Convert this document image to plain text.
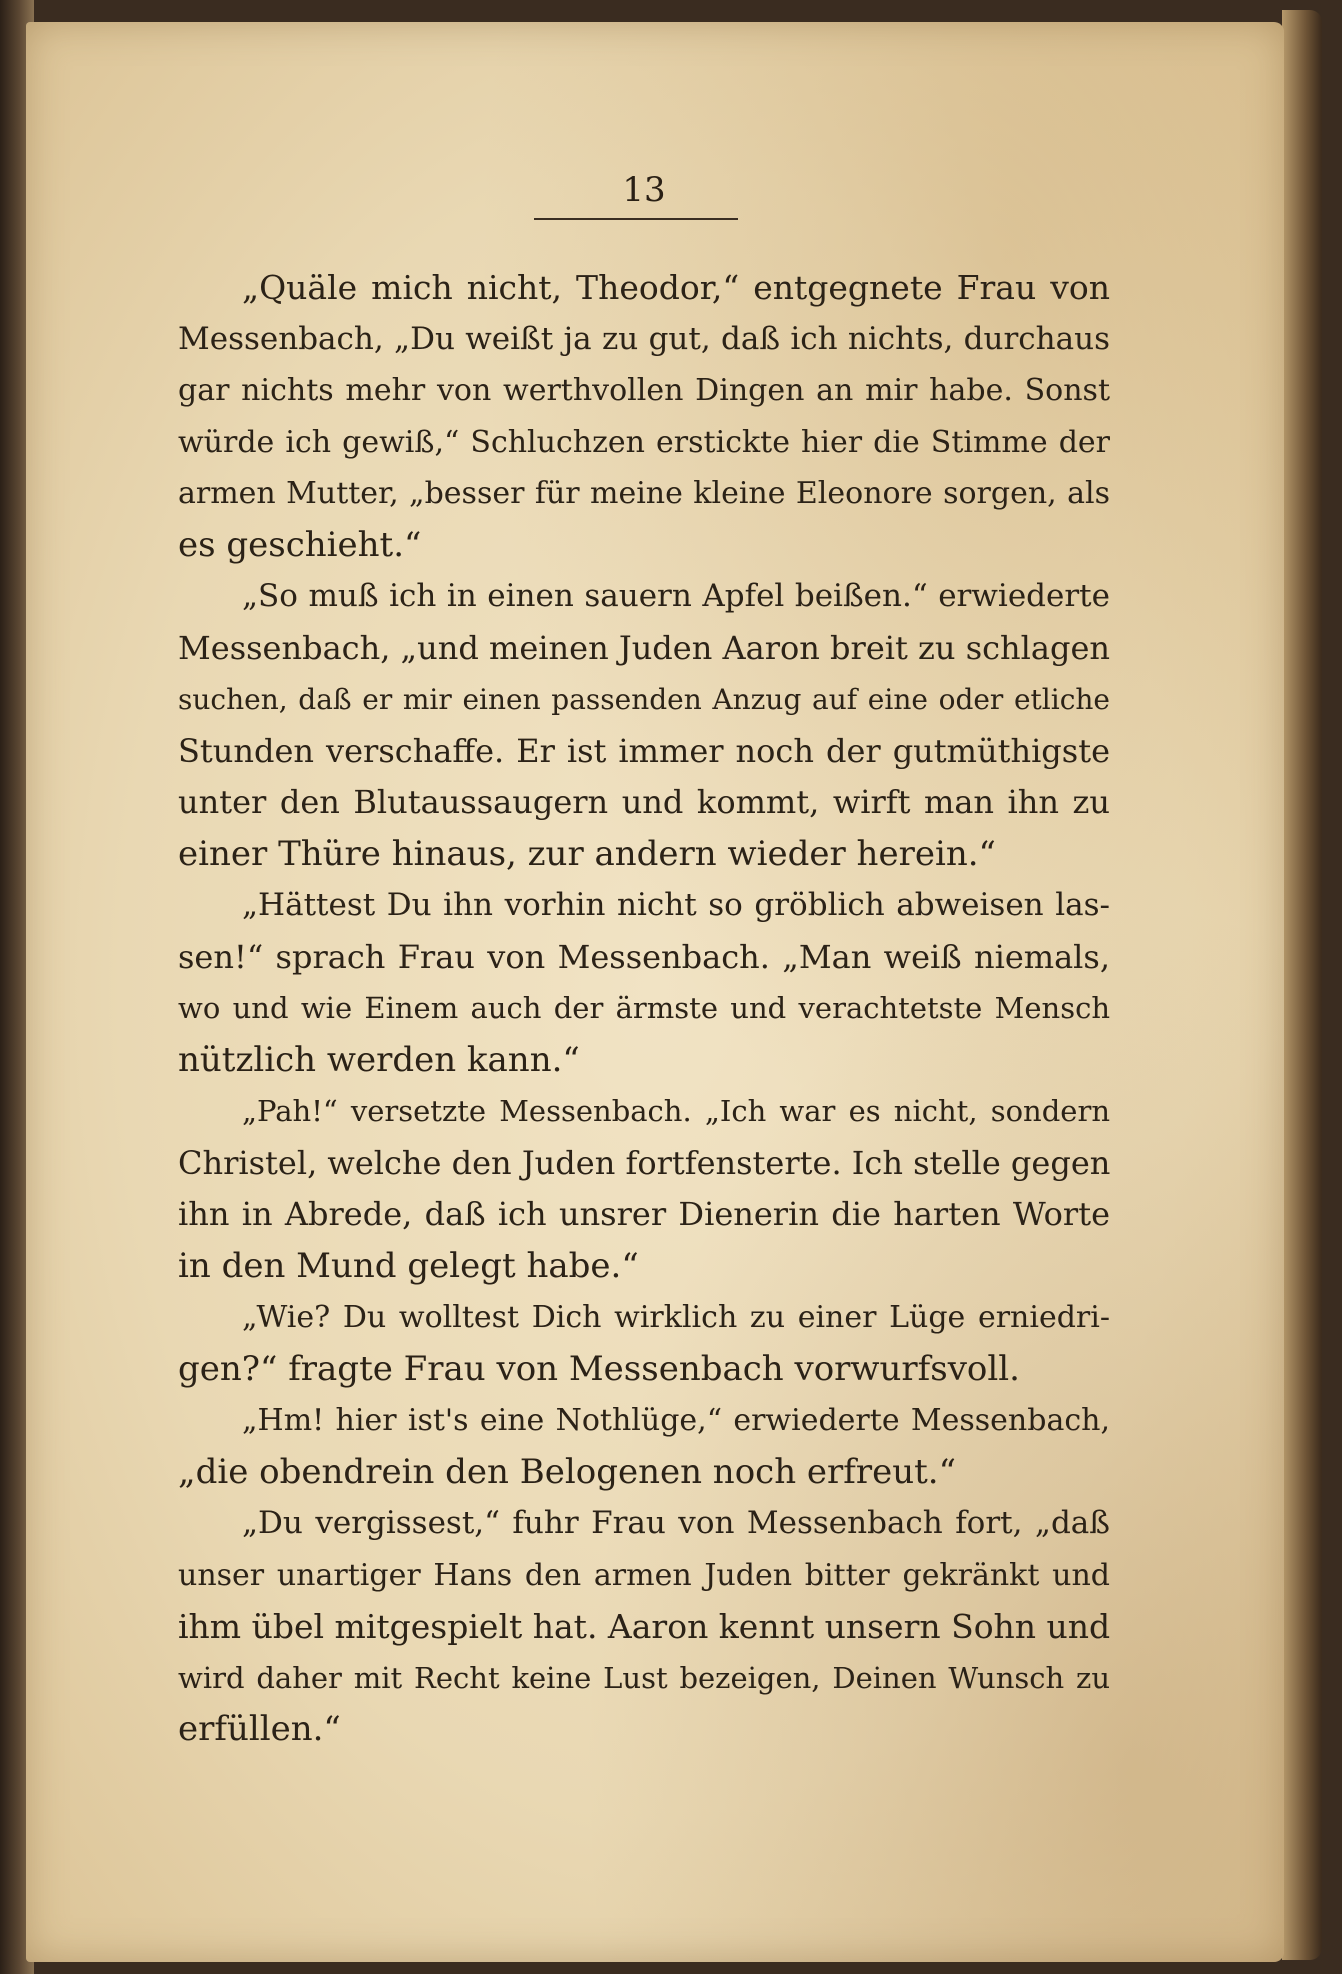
13
„Quäle mich nicht, Theodor,“ entgegnete Frau von
Messenbach, „Du weißt ja zu gut, daß ich nichts, durchaus
gar nichts mehr von werthvollen Dingen an mir habe. Sonst
würde ich gewiß,“ Schluchzen erstickte hier die Stimme der
armen Mutter, „besser für meine kleine Eleonore sorgen, als
es geschieht.“
„So muß ich in einen sauern Apfel beißen.“ erwiederte
Messenbach, „und meinen Juden Aaron breit zu schlagen
suchen, daß er mir einen passenden Anzug auf eine oder etliche
Stunden verschaffe. Er ist immer noch der gutmüthigste
unter den Blutaussaugern und kommt, wirft man ihn zu
einer Thüre hinaus, zur andern wieder herein.“
„Hättest Du ihn vorhin nicht so gröblich abweisen las-
sen!“ sprach Frau von Messenbach. „Man weiß niemals,
wo und wie Einem auch der ärmste und verachtetste Mensch
nützlich werden kann.“
„Pah!“ versetzte Messenbach. „Ich war es nicht, sondern
Christel, welche den Juden fortfensterte. Ich stelle gegen
ihn in Abrede, daß ich unsrer Dienerin die harten Worte
in den Mund gelegt habe.“
„Wie? Du wolltest Dich wirklich zu einer Lüge erniedri-
gen?“ fragte Frau von Messenbach vorwurfsvoll.
„Hm! hier ist's eine Nothlüge,“ erwiederte Messenbach,
„die obendrein den Belogenen noch erfreut.“
„Du vergissest,“ fuhr Frau von Messenbach fort, „daß
unser unartiger Hans den armen Juden bitter gekränkt und
ihm übel mitgespielt hat. Aaron kennt unsern Sohn und
wird daher mit Recht keine Lust bezeigen, Deinen Wunsch zu
erfüllen.“
